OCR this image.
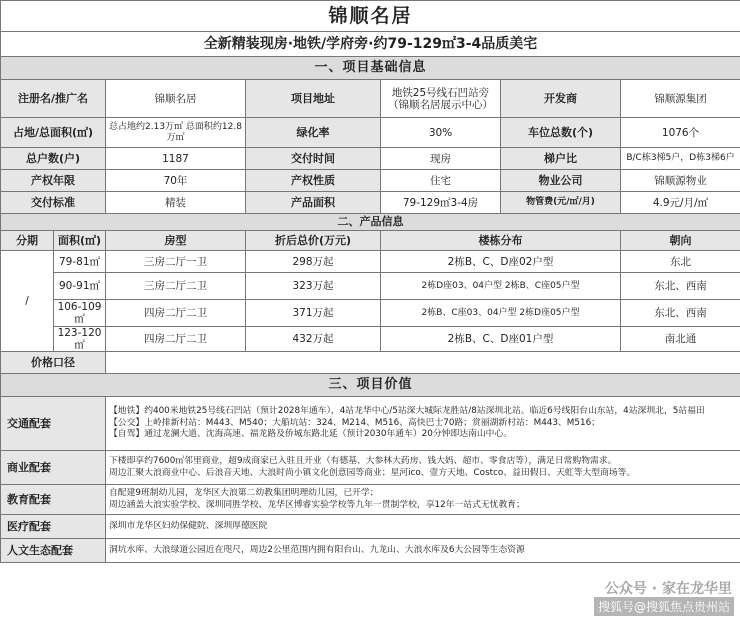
锦顺名居						
全新精装现房·地铁/学府旁·约79-129㎡3-4品质美宅						
一、项目基础信息						
注册名/推广名		锦顺名居	项目地址	地铁25号线石凹站旁（锦顺名居展示中心）	开发商	锦顺源集团
占地/总面积(㎡)		总占地约2.13万㎡ 总面积约12.8万㎡	绿化率	30%	车位总数(个)	1076个
总户数(户)		1187	交付时间	现房	梯户比	B/C栋3梯5户，D栋3梯6户
产权年限		70年	产权性质	住宅	物业公司	锦顺源物业
交付标准		精装	产品面积	79-129㎡3-4房	物管费(元/㎡/月)	4.9元/月/㎡
二、产品信息						
分期	面积(㎡)	房型	折后总价(万元)	楼栋分布		朝向
/	79-81㎡	三房二厅一卫	298万起	2栋B、C、D座02户型		东北
	90-91㎡	三房二厅二卫	323万起	2栋D座03、04户型 2栋B、C座05户型		东北、西南
	106-109㎡	四房二厅二卫	371万起	2栋B、C座03、04户型 2栋D座05户型		东北、西南
	123-120㎡	四房二厅二卫	432万起	2栋B、C、D座01户型		南北通
价格口径						
三、项目价值						
交通配套		【地铁】约400米地铁25号线石凹站（预计2028年通车），4站龙华中心/5站深大城际龙胜站/8站深圳北站。临近6号线阳台山东站，4站深圳北，5站福田
【公交】上岭排新村站：M443、M540；大船坑站：324、M214、M516、高快巴士70路；赏丽湖新村站：M443、M516；
【自驾】通过龙澜大道、沈海高速、福龙路及侨城东路北延（预计2030年通车）20分钟即达南山中心。				

商业配套		下楼即享约7600㎡邻里商业，超9成商家已入驻且开业（有德基、大参林大药房、钱大妈、超市、零食店等），满足日常购物需求。
周边汇聚大浪商业中心、后浪音天地、大浪时尚小镇文化创意园等商业；星河ico、壹方天地、Costco、益田假日、天虹等大型商场等。				

教育配套		自配建9班制幼儿园，龙华区大浪第二幼教集团明理幼儿园，已开学；
周边涵盖大浪实验学校、深圳同胜学校、龙华区博睿实验学校等九年一贯制学校，享12年一站式无忧教育；				

医疗配套		深圳市龙华区妇幼保健院、深圳厚德医院				
人文生态配套		洞坑水库、大浪绿道公园近在咫尺，周边2公里范围内拥有阳台山、九龙山、大浪水库及6大公园等生态资源				
公众号 · 家在龙华里
搜狐号@搜狐焦点贵州站
